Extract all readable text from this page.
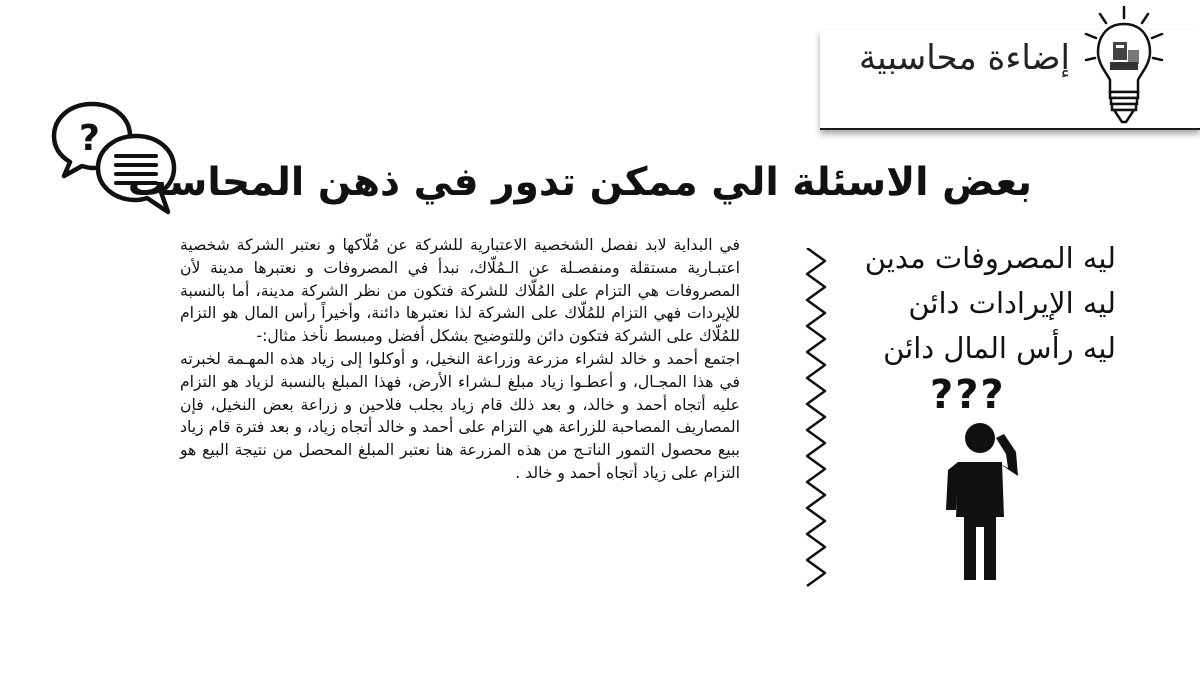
إضاءة محاسبية
?
بعض الاسئلة الي ممكن تدور في ذهن المحاسب

في البداية لابد نفصل الشخصية الاعتبارية للشركة عن مُلّاكها و نعتبر الشركة شخصية اعتبـارية مستقلة ومنفصـلة عن الـمُلّاك، نبدأ في المصروفات و نعتبرها مدينة لأن المصروفات هي التزام على المُلّاك للشركة فتكون من نظر الشركة مدينة، أما بالنسبة للإيردات فهي التزام للمُلّاك على الشركة لذا نعتبرها دائنة، وأخيراً رأس المال هو التزام للمُلّاك على الشركة فتكون دائن وللتوضيح بشكل أفضل ومبسط نأخذ مثال:-

اجتمع أحمد و خالد لشراء مزرعة وزراعة النخيل، و أوكلوا إلى زياد هذه المهـمة لخبرته في هذا المجـال، و أعطـوا زياد مبلغ لـشراء الأرض، فهذا المبلغ بالنسبة لزياد هو التزام عليه أتجاه أحمد و خالد، و بعد ذلك قام زياد بجلب فلاحين و زراعة بعض النخيل، فإن المصاريف المصاحبة للزراعة هي التزام على أحمد و خالد أتجاه زياد، و بعد فترة قام زياد ببيع محصول التمور الناتـج من هذه المزرعة هنا نعتبر المبلغ المحصل من نتيجة البيع هو التزام على زياد أتجاه أحمد و خالد .

ليه المصروفات مدين
ليه الإيرادات دائن
ليه رأس المال دائن
???
